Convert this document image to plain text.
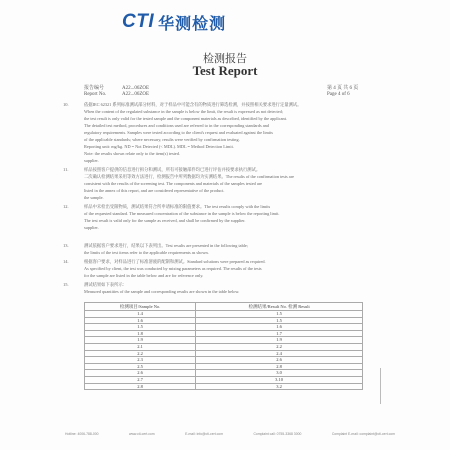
CTI 华测检测
检测报告
Test Report
报告编号	A22...06ZOE
Report No.	A22...06ZOE
第 4 页 共 6 页
Page 4 of 6
10.	依据IEC 62321 系列标准测试部分材料，对于样品中可能含有的物质进行筛选检测，并按照相关要求进行定量测试。
When the content of the regulated substance in the sample is below the limit, the result is expressed as not detected;
the test result is only valid for the tested sample and the component materials as described, identified by the applicant.
The detailed test method, procedures and conditions used are referred to in the corresponding standards and
regulatory requirements. Samples were tested according to the client's request and evaluated against the limits
of the applicable standards; where necessary, results were verified by confirmation testing.
Reporting unit: mg/kg. ND = Not Detected (< MDL). MDL = Method Detection Limit.
Note: the results shown relate only to the item(s) tested.
supplier.
11.	样品按照客户提供的信息进行拆分和测试，所有可接触部件均已进行评估并按要求执行测试。
二次确认检测结果采用等效方法进行，检测报告中所列数据均为实测结果。The results of the confirmation tests are
consistent with the results of the screening test. The components and materials of the samples tested are
listed in the annex of this report, and are considered representative of the product.
the sample.
12.	样品中未检出受限物质，测试结果符合所申请标准的限值要求。The test results comply with the limits
of the requested standard. The measured concentration of the substance in the sample is below the reporting limit.
The test result is valid only for the sample as received, and shall be confirmed by the supplier.
supplier.
13.	测试依据客户要求进行，结果以下表列出。Test results are presented in the following table;
the limits of the test items refer to the applicable requirements as shown.
14.	根据客户要求，对样品进行了标准溶液的配制和测试。Standard solutions were prepared as required.
As specified by client, the test was conducted by mixing parameters as required. The results of the tests
for the sample are listed in the table below and are for reference only.
15.	测试结果如下表所示：
Measured quantities of the sample and corresponding results are shown in the table below.
检测项目/Sample No.	检测结果/Result No. 检测 Result
1.4	1.5
1.6	1.5
1.5	1.6
1.8	1.7
1.9	1.9
2.1	2.2
2.2	2.4
2.3	2.6
2.5	2.8
2.6	3.0
2.7	3.10
2.8	3.2
Hotline: 4006-788-000	www.cti-cert.com	E-mail: info@cti-cert.com	Complaint call: 0755-3368 3000	Complaint E-mail: complaint@cti-cert.com
